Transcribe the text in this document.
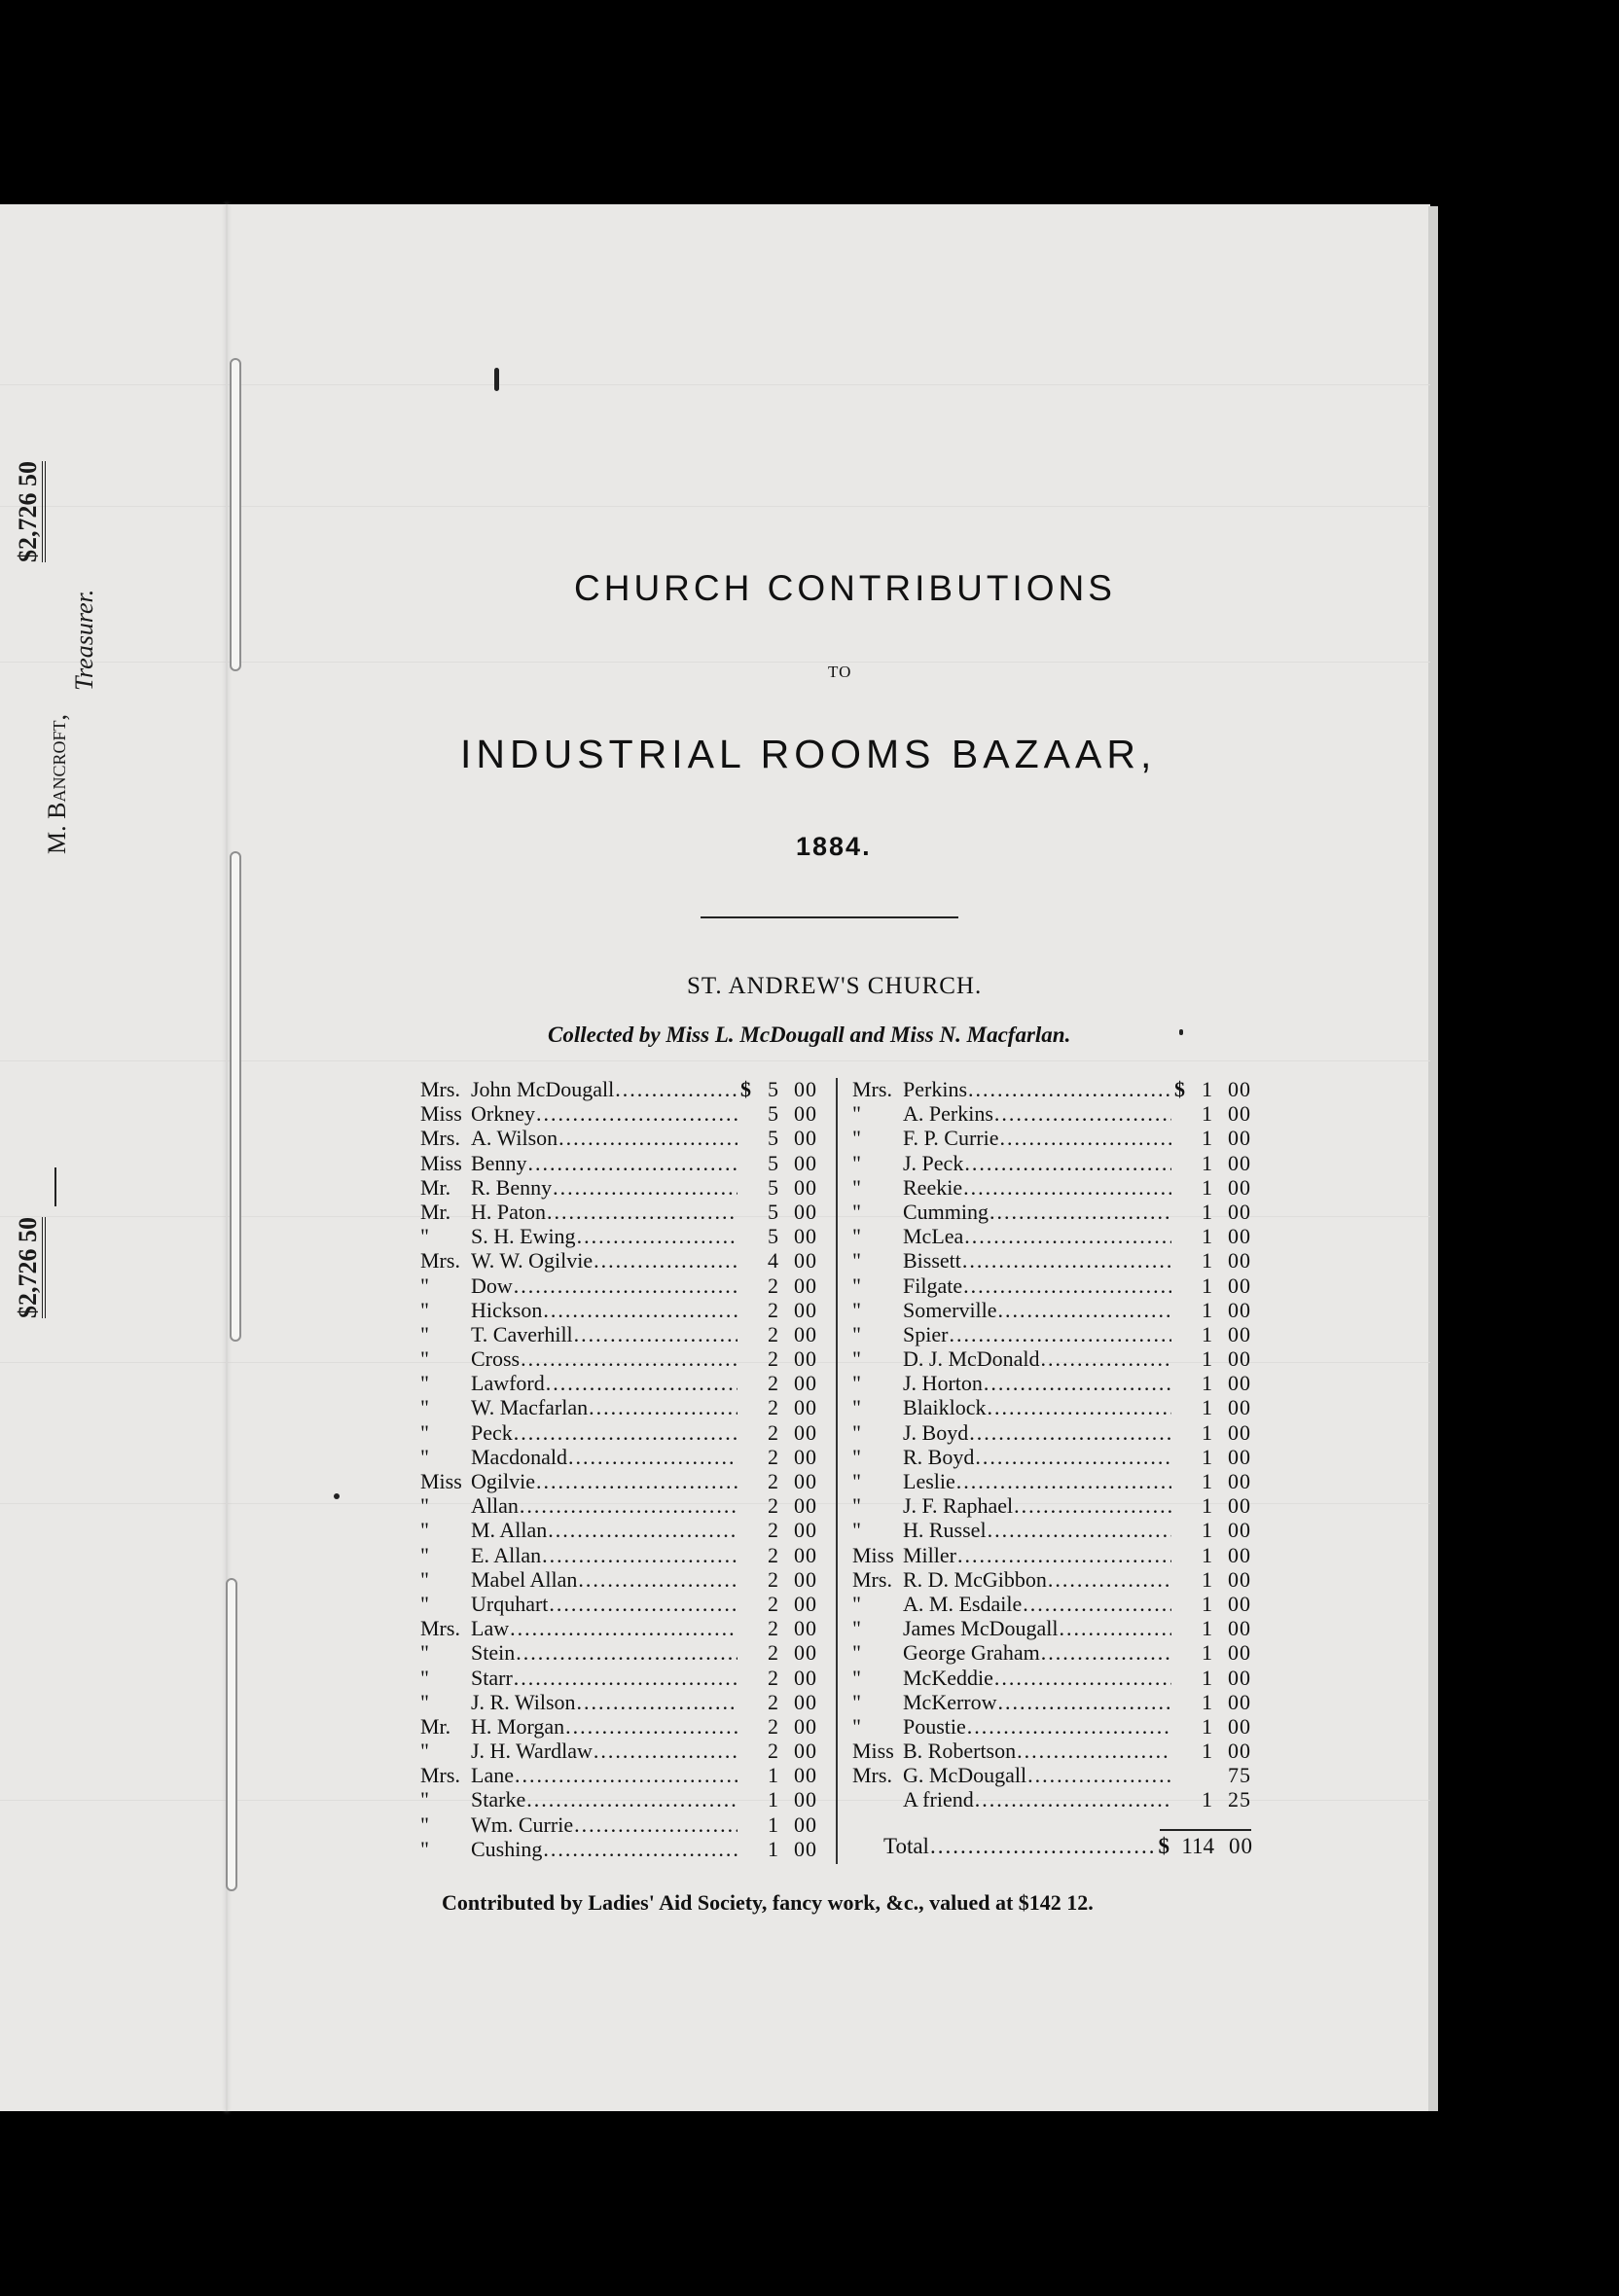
$2,726 50
M. Bancroft,
Treasurer.
$2,726 50
CHURCH CONTRIBUTIONS
TO
INDUSTRIAL ROOMS BAZAAR,
1884.
ST. ANDREW'S CHURCH.
Collected by Miss L. McDougall and Miss N. Macfarlan.
Mrs. John McDougall .....	$ 5 00
Miss Orkney .....	5 00
Mrs. A. Wilson .....	5 00
Miss Benny .....	5 00
Mr. R. Benny .....	5 00
Mr. H. Paton .....	5 00
"	S. H. Ewing .....	5 00
Mrs. W. W. Ogilvie .....	4 00
"	Dow .....	2 00
"	Hickson .....	2 00
"	T. Caverhill .....	2 00
"	Cross .....	2 00
"	Lawford .....	2 00
"	W. Macfarlan .....	2 00
"	Peck .....	2 00
"	Macdonald .....	2 00
Miss Ogilvie .....	2 00
"	Allan .....	2 00
"	M. Allan .....	2 00
"	E. Allan .....	2 00
"	Mabel Allan .....	2 00
"	Urquhart .....	2 00
Mrs. Law .....	2 00
"	Stein .....	2 00
"	Starr .....	2 00
"	J. R. Wilson .....	2 00
Mr. H. Morgan .....	2 00
"	J. H. Wardlaw .....	2 00
Mrs. Lane .....	1 00
"	Starke .....	1 00
"	Wm. Currie .....	1 00
"	Cushing .....	1 00
Mrs. Perkins .....	$ 1 00
"	A. Perkins .....	1 00
"	F. P. Currie .....	1 00
"	J. Peck .....	1 00
"	Reekie .....	1 00
"	Cumming .....	1 00
"	McLea .....	1 00
"	Bissett .....	1 00
"	Filgate .....	1 00
"	Somerville .....	1 00
"	Spier .....	1 00
"	D. J. McDonald .....	1 00
"	J. Horton .....	1 00
"	Blaiklock .....	1 00
"	J. Boyd .....	1 00
"	R. Boyd .....	1 00
"	Leslie .....	1 00
"	J. F. Raphael .....	1 00
"	H. Russel .....	1 00
Miss Miller .....	1 00
Mrs. R. D. McGibbon .....	1 00
"	A. M. Esdaile .....	1 00
"	James McDougall .....	1 00
"	George Graham .....	1 00
"	McKeddie .....	1 00
"	McKerrow .....	1 00
"	Poustie .....	1 00
Miss B. Robertson .....	1 00
Mrs. G. McDougall .....	75
A friend .....	1 25
Total .....	$ 114 00
Contributed by Ladies' Aid Society, fancy work, &c., valued at $142 12.
